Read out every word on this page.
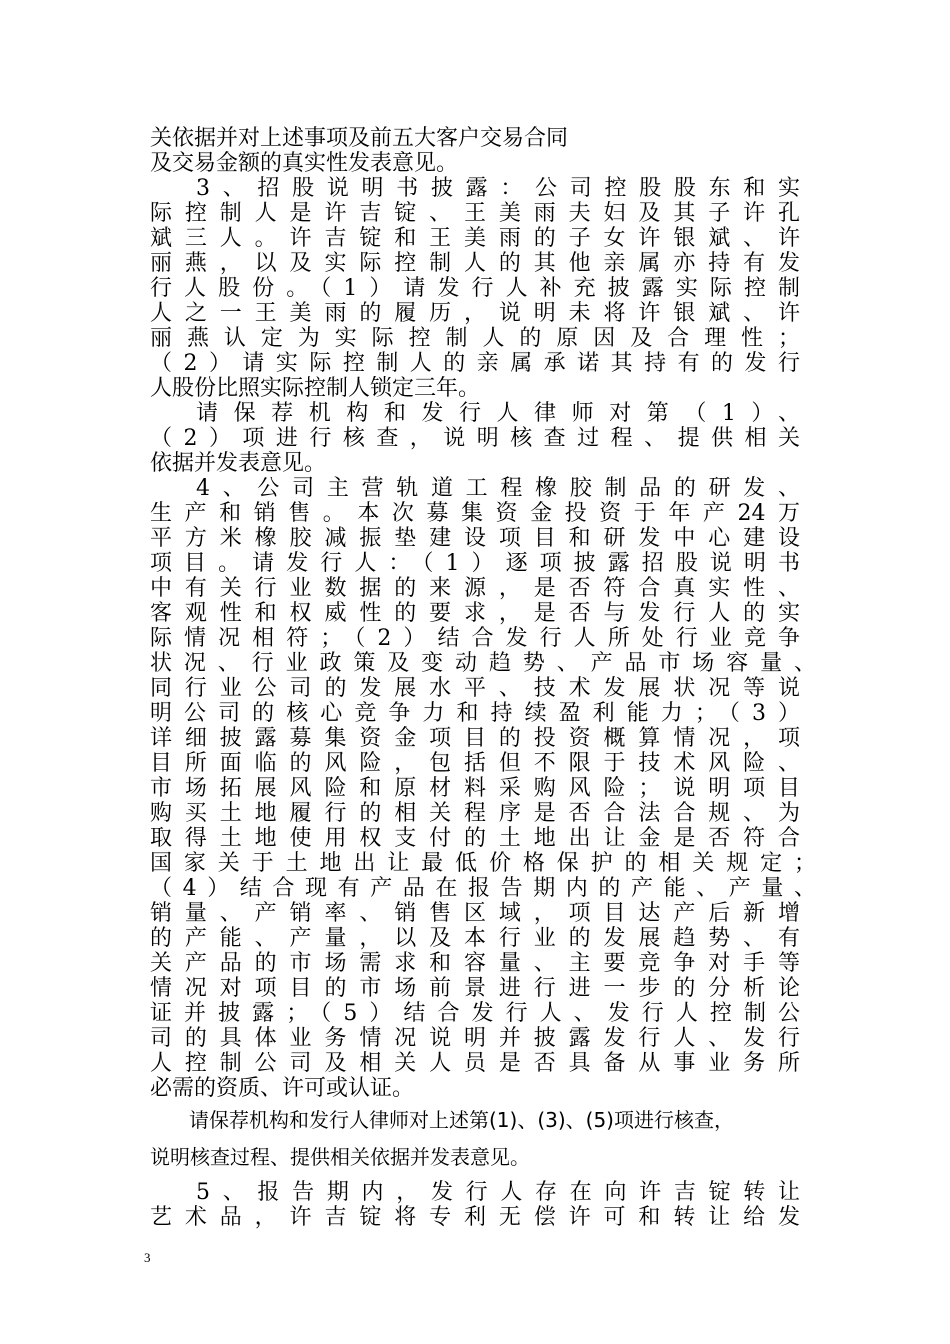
关依据并对上述事项及前五大客户交易合同
及交易金额的真实性发表意见。
3、招股说明书披露：公司控股股东和实
际控制人是许吉锭、王美雨夫妇及其子许孔
斌三人。许吉锭和王美雨的子女许银斌、许
丽燕，以及实际控制人的其他亲属亦持有发
行人股份。（1）请发行人补充披露实际控制
人之一王美雨的履历，说明未将许银斌、许
丽燕认定为实际控制人的原因及合理性；
（2）请实际控制人的亲属承诺其持有的发行
人股份比照实际控制人锁定三年。
请保荐机构和发行人律师对第（1）、
（2）项进行核查，说明核查过程、提供相关
依据并发表意见。
4、公司主营轨道工程橡胶制品的研发、
生产和销售。本次募集资金投资于年产24万
平方米橡胶减振垫建设项目和研发中心建设
项目。请发行人：（1）逐项披露招股说明书
中有关行业数据的来源，是否符合真实性、
客观性和权威性的要求，是否与发行人的实
际情况相符；（2）结合发行人所处行业竞争
状况、行业政策及变动趋势、产品市场容量、
同行业公司的发展水平、技术发展状况等说
明公司的核心竞争力和持续盈利能力；（3）
详细披露募集资金项目的投资概算情况，项
目所面临的风险，包括但不限于技术风险、
市场拓展风险和原材料采购风险；说明项目
购买土地履行的相关程序是否合法合规、为
取得土地使用权支付的土地出让金是否符合
国家关于土地出让最低价格保护的相关规定；
（4）结合现有产品在报告期内的产能、产量、
销量、产销率、销售区域，项目达产后新增
的产能、产量，以及本行业的发展趋势、有
关产品的市场需求和容量、主要竞争对手等
情况对项目的市场前景进行进一步的分析论
证并披露；（5）结合发行人、发行人控制公
司的具体业务情况说明并披露发行人、发行
人控制公司及相关人员是否具备从事业务所
必需的资质、许可或认证。
请保荐机构和发行人律师对上述第(1)、(3)、(5)项进行核查，
说明核查过程、提供相关依据并发表意见。
5、报告期内，发行人存在向许吉锭转让
艺术品，许吉锭将专利无偿许可和转让给发
3
